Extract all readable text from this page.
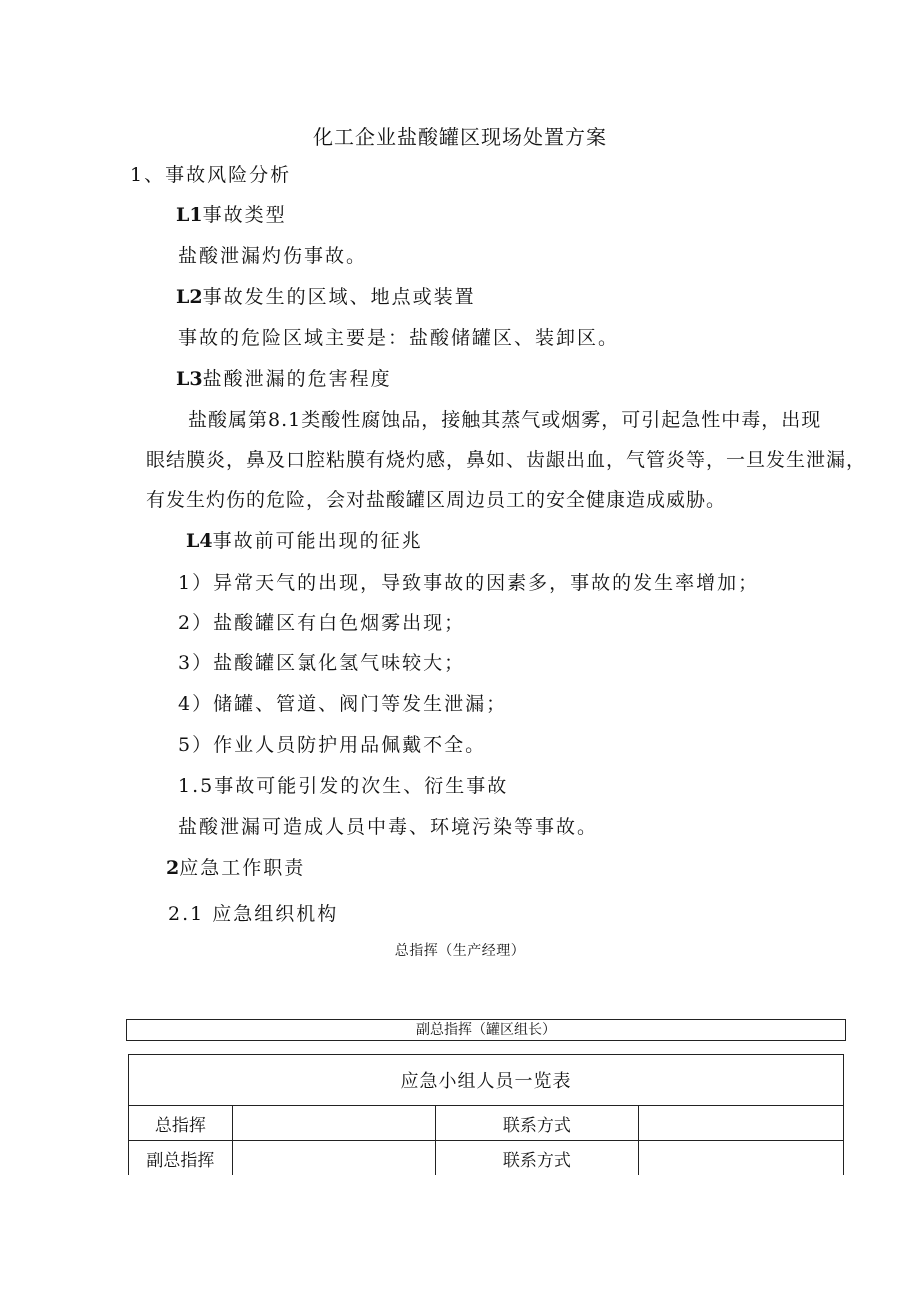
化工企业盐酸罐区现场处置方案
1、事故风险分析
L1事故类型
盐酸泄漏灼伤事故。
L2事故发生的区域、地点或装置
事故的危险区域主要是：盐酸储罐区、装卸区。
L3盐酸泄漏的危害程度
盐酸属第8.1类酸性腐蚀品，接触其蒸气或烟雾，可引起急性中毒，出现
眼结膜炎，鼻及口腔粘膜有烧灼感，鼻如、齿龈出血，气管炎等，一旦发生泄漏，
有发生灼伤的危险，会对盐酸罐区周边员工的安全健康造成威胁。
L4事故前可能出现的征兆
1）异常天气的出现，导致事故的因素多，事故的发生率增加；
2）盐酸罐区有白色烟雾出现；
3）盐酸罐区氯化氢气味较大；
4）储罐、管道、阀门等发生泄漏；
5）作业人员防护用品佩戴不全。
1.5事故可能引发的次生、衍生事故
盐酸泄漏可造成人员中毒、环境污染等事故。
2应急工作职责
2.1 应急组织机构
总指挥（生产经理）
副总指挥（罐区组长）
应急小组人员一览表			
总指挥		联系方式	
副总指挥		联系方式	
